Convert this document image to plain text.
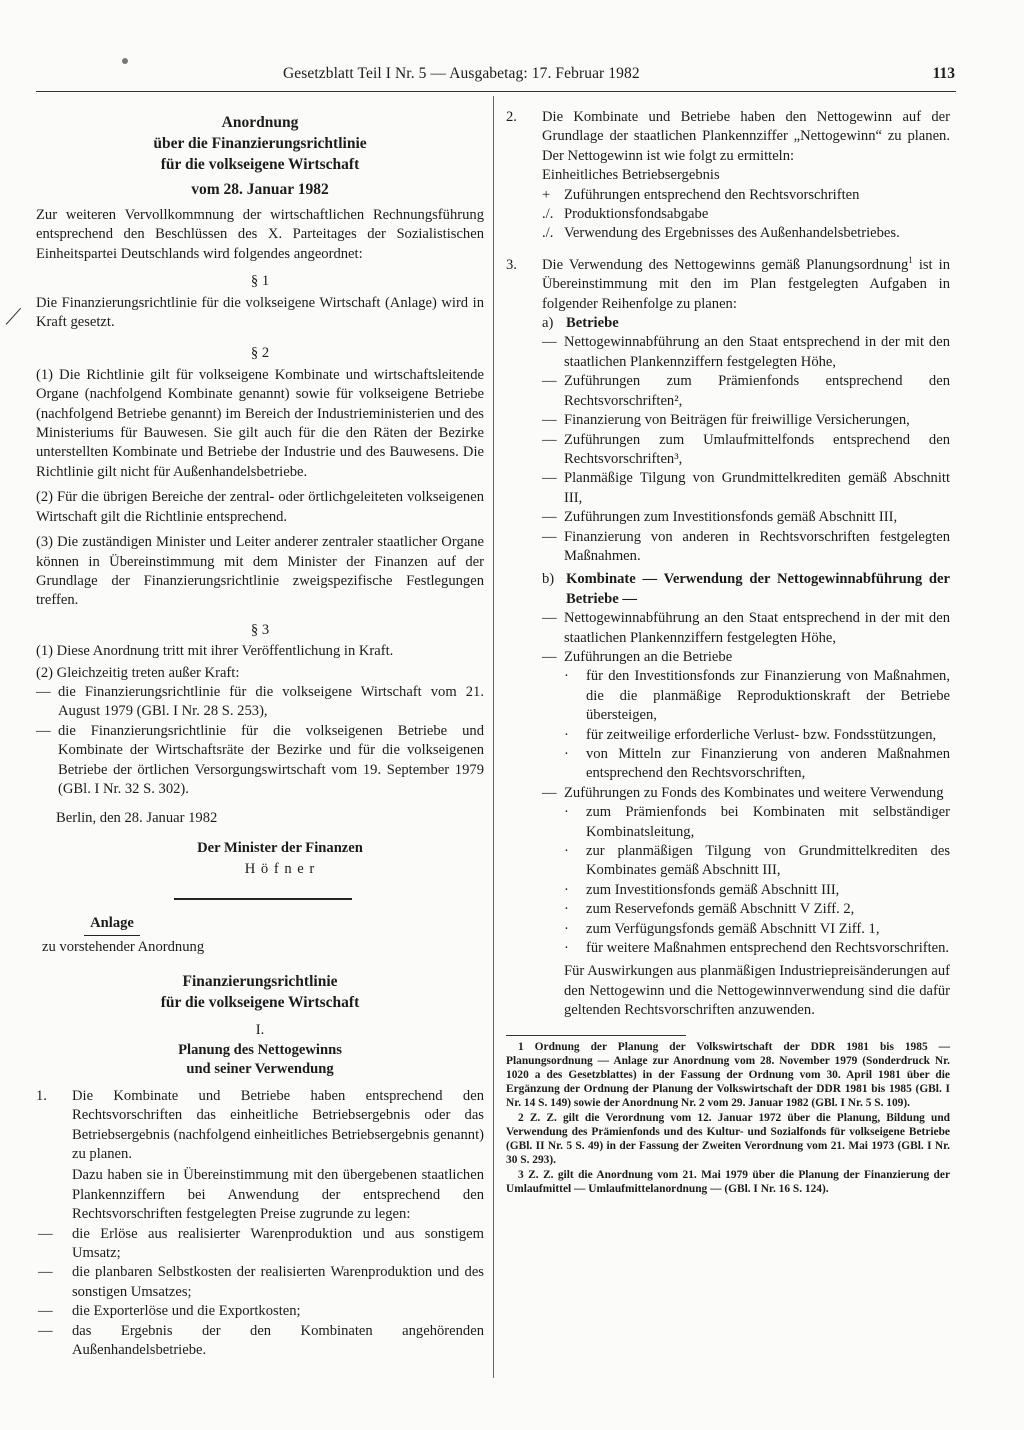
Gesetzblatt Teil I Nr. 5 — Ausgabetag: 17. Februar 1982	113
Anordnung
über die Finanzierungsrichtlinie
für die volkseigene Wirtschaft
vom 28. Januar 1982

Zur weiteren Vervollkommnung der wirtschaftlichen Rechnungsführung entsprechend den Beschlüssen des X. Parteitages der Sozialistischen Einheitspartei Deutschlands wird folgendes angeordnet:

§ 1

Die Finanzierungsrichtlinie für die volkseigene Wirtschaft (Anlage) wird in Kraft gesetzt.

§ 2

(1) Die Richtlinie gilt für volkseigene Kombinate und wirtschaftsleitende Organe (nachfolgend Kombinate genannt) sowie für volkseigene Betriebe (nachfolgend Betriebe genannt) im Bereich der Industrieministerien und des Ministeriums für Bauwesen. Sie gilt auch für die den Räten der Bezirke unterstellten Kombinate und Betriebe der Industrie und des Bauwesens. Die Richtlinie gilt nicht für Außenhandelsbetriebe.

(2) Für die übrigen Bereiche der zentral- oder örtlichgeleiteten volkseigenen Wirtschaft gilt die Richtlinie entsprechend.

(3) Die zuständigen Minister und Leiter anderer zentraler staatlicher Organe können in Übereinstimmung mit dem Minister der Finanzen auf der Grundlage der Finanzierungsrichtlinie zweigspezifische Festlegungen treffen.

§ 3

(1) Diese Anordnung tritt mit ihrer Veröffentlichung in Kraft.

(2) Gleichzeitig treten außer Kraft:

— die Finanzierungsrichtlinie für die volkseigene Wirtschaft vom 21. August 1979 (GBl. I Nr. 28 S. 253),
— die Finanzierungsrichtlinie für die volkseigenen Betriebe und Kombinate der Wirtschaftsräte der Bezirke und für die volkseigenen Betriebe der örtlichen Versorgungswirtschaft vom 19. September 1979 (GBl. I Nr. 32 S. 302).

Berlin, den 28. Januar 1982

Der Minister der Finanzen
H ö f n e r
Anlage
zu vorstehender Anordnung
Finanzierungsrichtlinie
für die volkseigene Wirtschaft
I.
Planung des Nettogewinns
und seiner Verwendung
1. Die Kombinate und Betriebe haben entsprechend den Rechtsvorschriften das einheitliche Betriebsergebnis oder das Betriebsergebnis (nachfolgend einheitliches Betriebsergebnis genannt) zu planen.

Dazu haben sie in Übereinstimmung mit den übergebenen staatlichen Plankennziffern bei Anwendung der entsprechend den Rechtsvorschriften festgelegten Preise zugrunde zu legen:

— die Erlöse aus realisierter Warenproduktion und aus sonstigem Umsatz;
— die planbaren Selbstkosten der realisierten Warenproduktion und des sonstigen Umsatzes;
— die Exporterlöse und die Exportkosten;
— das Ergebnis der den Kombinaten angehörenden Außenhandelsbetriebe.
2. Die Kombinate und Betriebe haben den Nettogewinn auf der Grundlage der staatlichen Plankennziffer „Nettogewinn“ zu planen. Der Nettogewinn ist wie folgt zu ermitteln:

Einheitliches Betriebsergebnis
+ Zuführungen entsprechend den Rechtsvorschriften
./. Produktionsfondsabgabe
./. Verwendung des Ergebnisses des Außenhandelsbetriebes.
3. Die Verwendung des Nettogewinns gemäß Planungsordnung$^1$ ist in Übereinstimmung mit den im Plan festgelegten Aufgaben in folgender Reihenfolge zu planen:

a) Betriebe
— Nettogewinnabführung an den Staat entsprechend in der mit den staatlichen Plankennziffern festgelegten Höhe,
— Zuführungen zum Prämienfonds entsprechend den Rechtsvorschriften²,
— Finanzierung von Beiträgen für freiwillige Versicherungen,
— Zuführungen zum Umlaufmittelfonds entsprechend den Rechtsvorschriften³,
— Planmäßige Tilgung von Grundmittelkrediten gemäß Abschnitt III,
— Zuführungen zum Investitionsfonds gemäß Abschnitt III,
— Finanzierung von anderen in Rechtsvorschriften festgelegten Maßnahmen.
b) Kombinate — Verwendung der Nettogewinnabführung der Betriebe —
— Nettogewinnabführung an den Staat entsprechend in der mit den staatlichen Plankennziffern festgelegten Höhe,
— Zuführungen an die Betriebe
· für den Investitionsfonds zur Finanzierung von Maßnahmen, die die planmäßige Reproduktionskraft der Betriebe übersteigen,
· für zeitweilige erforderliche Verlust- bzw. Fondsstützungen,
· von Mitteln zur Finanzierung von anderen Maßnahmen entsprechend den Rechtsvorschriften,
— Zuführungen zu Fonds des Kombinates und weitere Verwendung
· zum Prämienfonds bei Kombinaten mit selbständiger Kombinatsleitung,
· zur planmäßigen Tilgung von Grundmittelkrediten des Kombinates gemäß Abschnitt III,
· zum Investitionsfonds gemäß Abschnitt III,
· zum Reservefonds gemäß Abschnitt V Ziff. 2,
· zum Verfügungsfonds gemäß Abschnitt VI Ziff. 1,
· für weitere Maßnahmen entsprechend den Rechtsvorschriften.

Für Auswirkungen aus planmäßigen Industriepreisänderungen auf den Nettogewinn und die Nettogewinnverwendung sind die dafür geltenden Rechtsvorschriften anzuwenden.

1 Ordnung der Planung der Volkswirtschaft der DDR 1981 bis 1985 — Planungsordnung — Anlage zur Anordnung vom 28. November 1979 (Sonderdruck Nr. 1020 a des Gesetzblattes) in der Fassung der Ordnung vom 30. April 1981 über die Ergänzung der Ordnung der Planung der Volkswirtschaft der DDR 1981 bis 1985 (GBl. I Nr. 14 S. 149) sowie der Anordnung Nr. 2 vom 29. Januar 1982 (GBl. I Nr. 5 S. 109).

2 Z. Z. gilt die Verordnung vom 12. Januar 1972 über die Planung, Bildung und Verwendung des Prämienfonds und des Kultur- und Sozialfonds für volkseigene Betriebe (GBl. II Nr. 5 S. 49) in der Fassung der Zweiten Verordnung vom 21. Mai 1973 (GBl. I Nr. 30 S. 293).

3 Z. Z. gilt die Anordnung vom 21. Mai 1979 über die Planung der Finanzierung der Umlaufmittel — Umlaufmittelanordnung — (GBl. I Nr. 16 S. 124).
